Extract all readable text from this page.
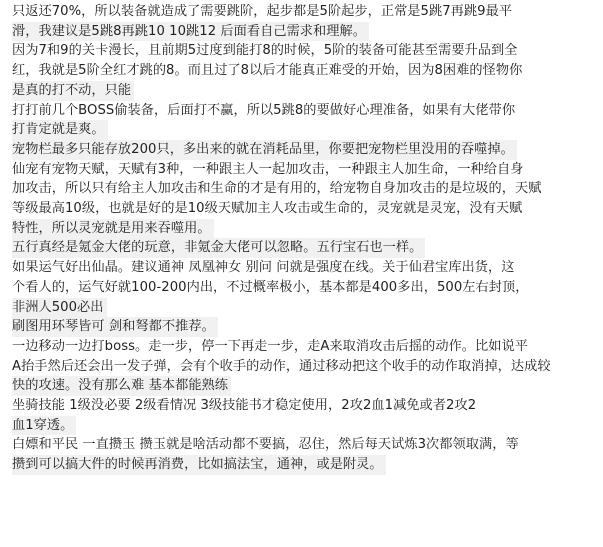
只返还70%，所以装备就造成了需要跳阶，起步都是5阶起步，正常是5跳7再跳9最平
滑，我建议是5跳8再跳10 10跳12 后面看自己需求和理解。
因为7和9的关卡漫长，且前期5过度到能打8的时候，5阶的装备可能甚至需要升品到全
红，我就是5阶全红才跳的8。而且过了8以后才能真正难受的开始，因为8困难的怪物你
是真的打不动，只能
打打前几个BOSS偷装备，后面打不赢，所以5跳8的要做好心理准备，如果有大佬带你
打肯定就是爽。
宠物栏最多只能存放200只，多出来的就在消耗品里，你要把宠物栏里没用的吞噬掉。
仙宠有宠物天赋，天赋有3种，一种跟主人一起加攻击，一种跟主人加生命，一种给自身
加攻击，所以只有给主人加攻击和生命的才是有用的，给宠物自身加攻击的是垃圾的，天赋
等级最高10级，也就是好的是10级天赋加主人攻击或生命的，灵宠就是灵宠，没有天赋
特性，所以灵宠就是用来吞噬用。
五行真经是氪金大佬的玩意，非氪金大佬可以忽略。五行宝石也一样。
如果运气好出仙晶。建议通神 凤凰神女 别问 问就是强度在线。关于仙君宝库出货，这
个看人的，运气好就100-200内出，不过概率极小，基本都是400多出，500左右封顶，
非洲人500必出
刷图用环琴皆可 剑和弩都不推荐。
一边移动一边打boss。走一步，停一下再走一步，走A来取消攻击后摇的动作。比如说平
A抬手然后还会出一发子弹，会有个收手的动作，通过移动把这个收手的动作取消掉，达成较
快的攻速。没有那么难 基本都能熟练
坐骑技能 1级没必要 2级看情况 3级技能书才稳定使用，2攻2血1减免或者2攻2
血1穿透。
白嫖和平民 一直攒玉 攒玉就是啥活动都不要搞，忍住，然后每天试炼3次都领取满，等
攒到可以搞大件的时候再消费，比如搞法宝，通神，或是附灵。
